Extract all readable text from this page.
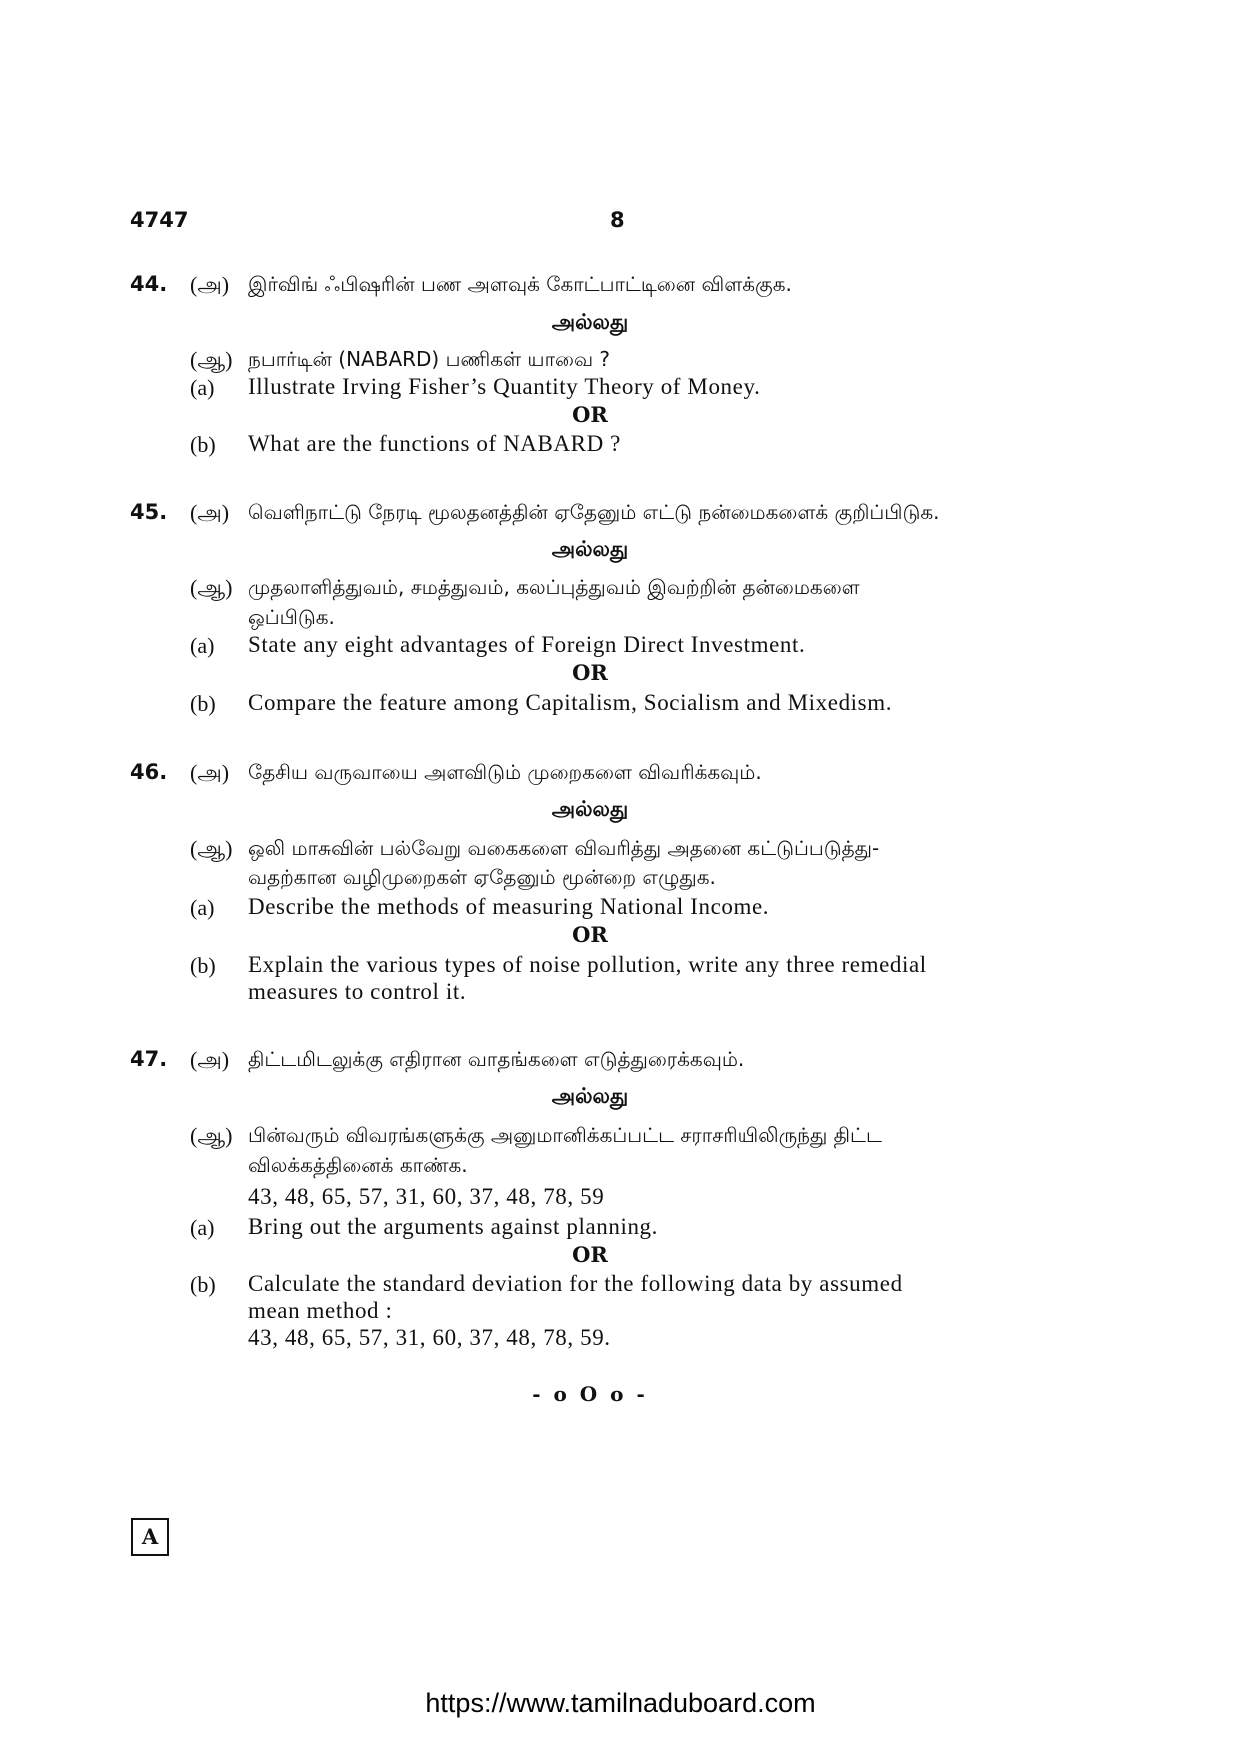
4747	8
44. (அ) இர்விங் ஃபிஷரின் பண அளவுக் கோட்பாட்டினை விளக்குக.
அல்லது
(ஆ) நபார்டின் (NABARD) பணிகள் யாவை ?
(a) Illustrate Irving Fisher’s Quantity Theory of Money.
OR
(b) What are the functions of NABARD ?
45. (அ) வெளிநாட்டு நேரடி மூலதனத்தின் ஏதேனும் எட்டு நன்மைகளைக் குறிப்பிடுக.
அல்லது
(ஆ) முதலாளித்துவம், சமத்துவம், கலப்புத்துவம் இவற்றின் தன்மைகளை
ஒப்பிடுக.
(a) State any eight advantages of Foreign Direct Investment.
OR
(b) Compare the feature among Capitalism, Socialism and Mixedism.
46. (அ) தேசிய வருவாயை அளவிடும் முறைகளை விவரிக்கவும்.
அல்லது
(ஆ) ஒலி மாசுவின் பல்வேறு வகைகளை விவரித்து அதனை கட்டுப்படுத்து-
வதற்கான வழிமுறைகள் ஏதேனும் மூன்றை எழுதுக.
(a) Describe the methods of measuring National Income.
OR
(b) Explain the various types of noise pollution, write any three remedial
measures to control it.
47. (அ) திட்டமிடலுக்கு எதிரான வாதங்களை எடுத்துரைக்கவும்.
அல்லது
(ஆ) பின்வரும் விவரங்களுக்கு அனுமானிக்கப்பட்ட சராசரியிலிருந்து திட்ட
விலக்கத்தினைக் காண்க.
43, 48, 65, 57, 31, 60, 37, 48, 78, 59
(a) Bring out the arguments against planning.
OR
(b) Calculate the standard deviation for the following data by assumed
mean method :
43, 48, 65, 57, 31, 60, 37, 48, 78, 59.
- o O o -
A
https://www.tamilnaduboard.com
